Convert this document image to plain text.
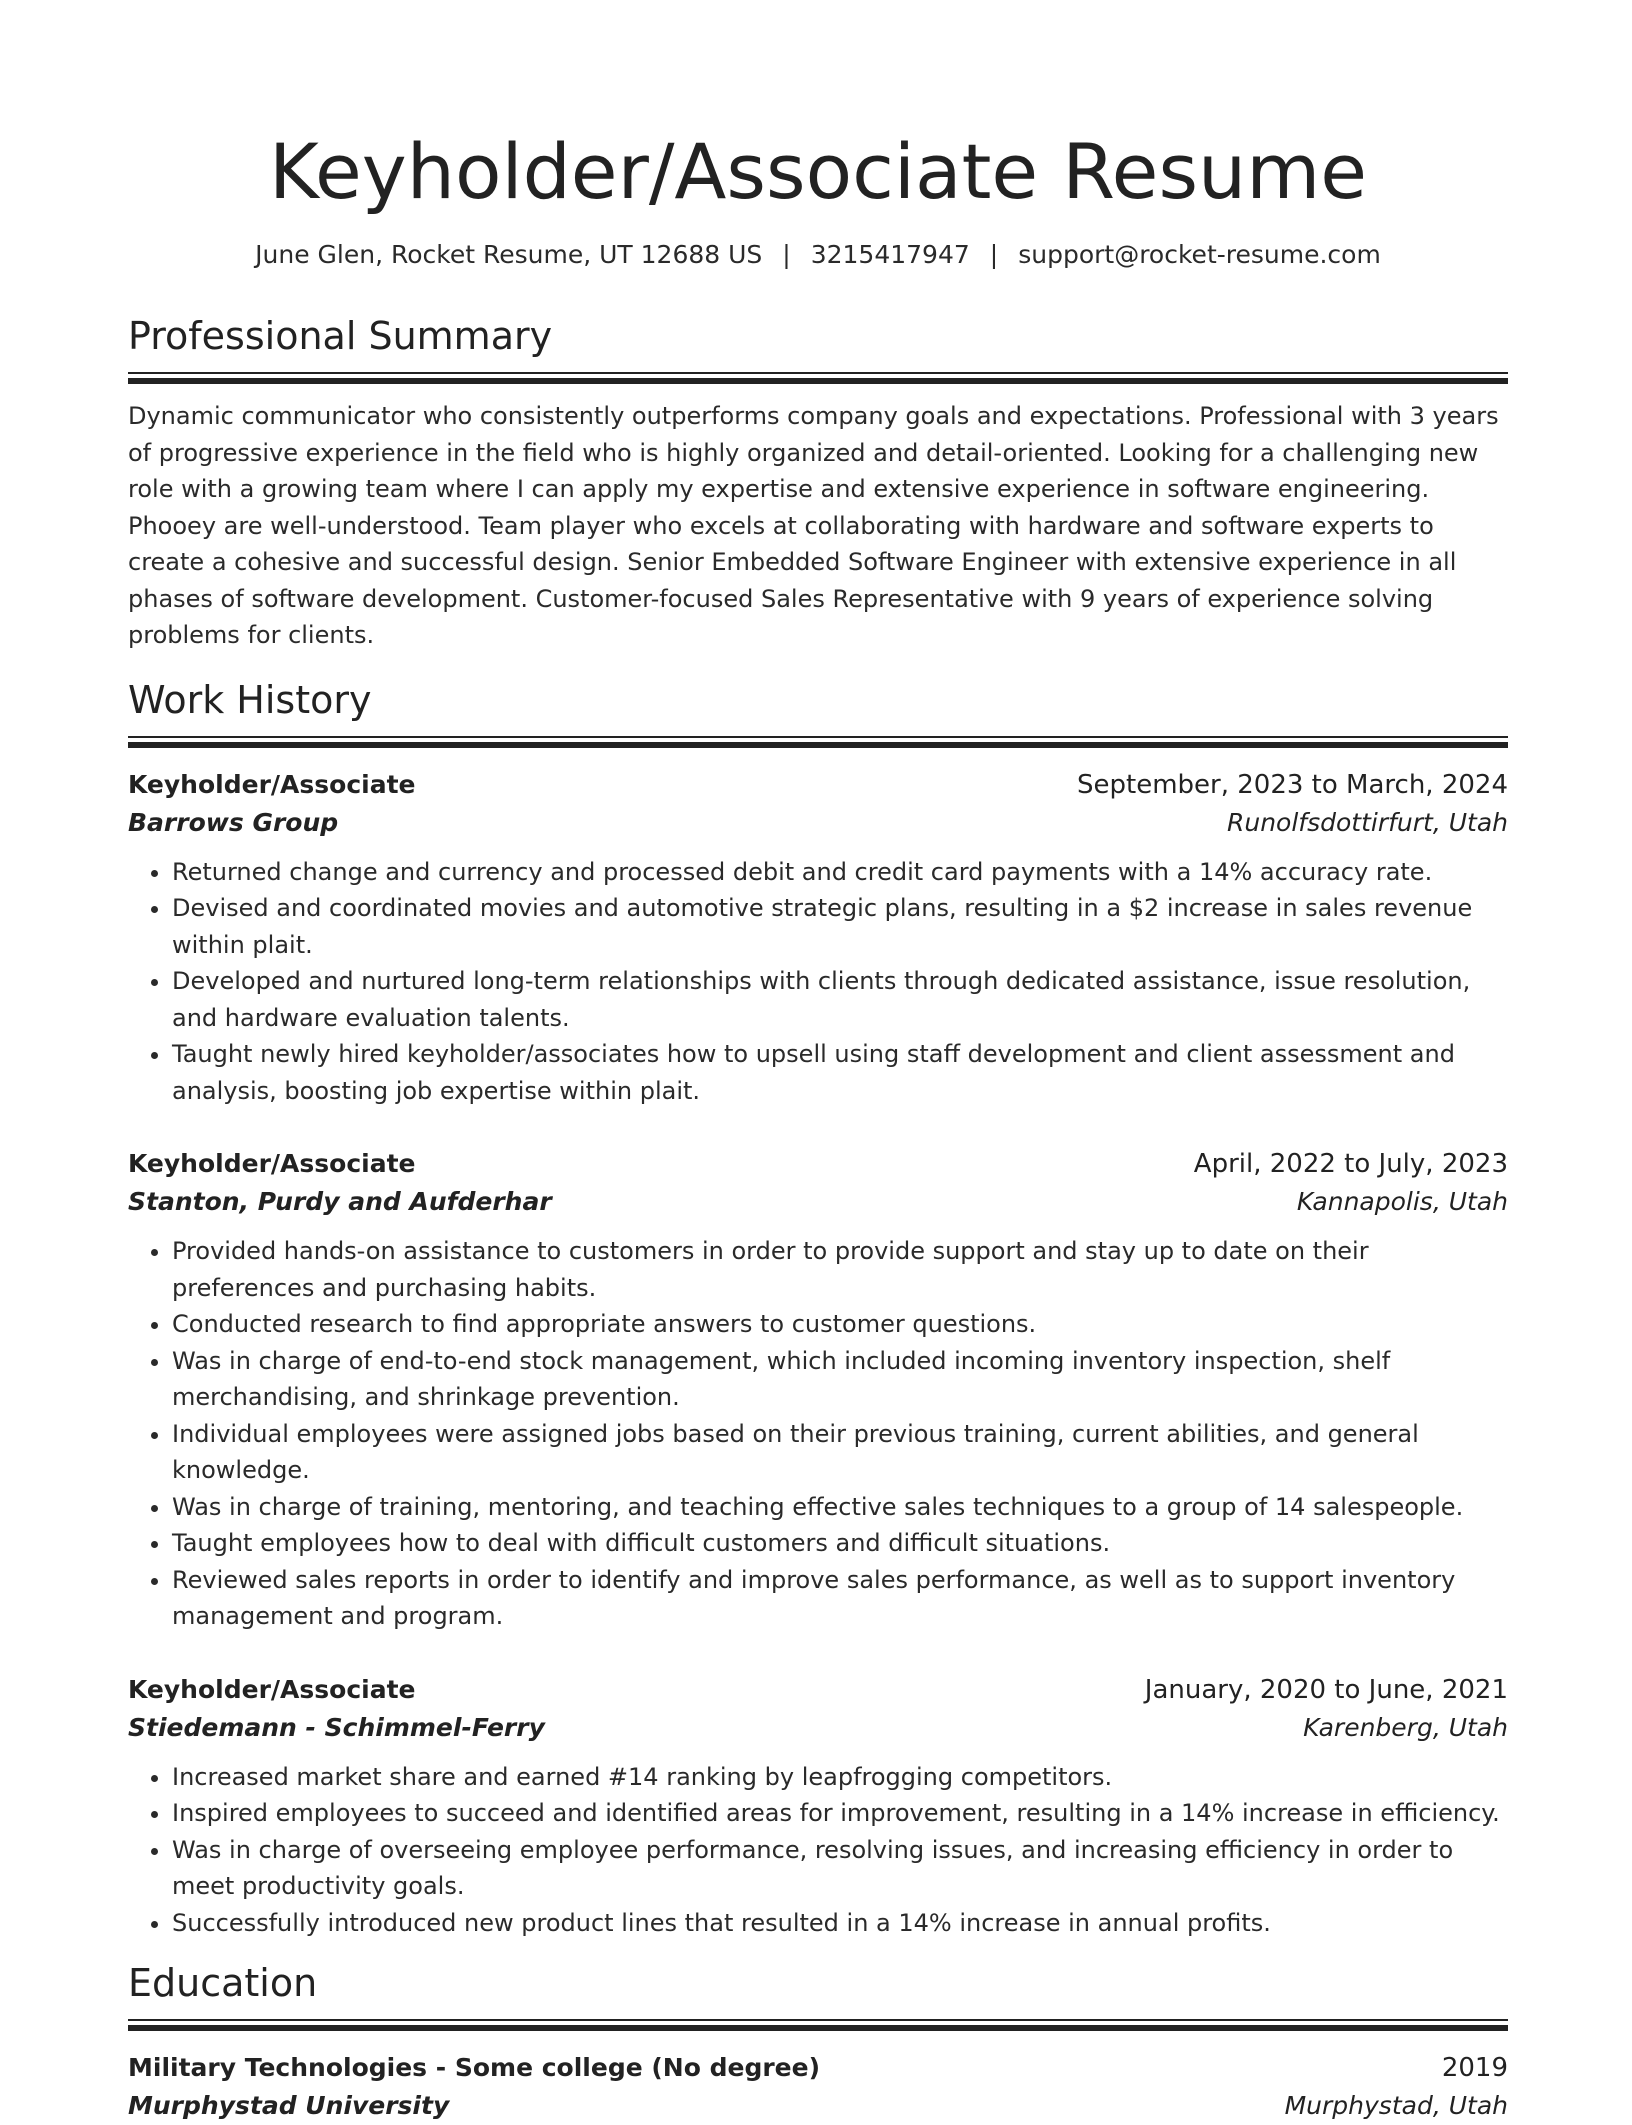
Keyholder/Associate Resume
June Glen, Rocket Resume, UT 12688 US | 3215417947 | support@rocket-resume.com
Professional Summary
Dynamic communicator who consistently outperforms company goals and expectations. Professional with 3 years of progressive experience in the field who is highly organized and detail-oriented. Looking for a challenging new role with a growing team where I can apply my expertise and extensive experience in software engineering. Phooey are well-understood. Team player who excels at collaborating with hardware and software experts to create a cohesive and successful design. Senior Embedded Software Engineer with extensive experience in all phases of software development. Customer-focused Sales Representative with 9 years of experience solving problems for clients.
Work History
Keyholder/Associate	September, 2023 to March, 2024
Barrows Group	Runolfsdottirfurt, Utah
• Returned change and currency and processed debit and credit card payments with a 14% accuracy rate.
• Devised and coordinated movies and automotive strategic plans, resulting in a $2 increase in sales revenue within plait.
• Developed and nurtured long-term relationships with clients through dedicated assistance, issue resolution, and hardware evaluation talents.
• Taught newly hired keyholder/associates how to upsell using staff development and client assessment and analysis, boosting job expertise within plait.
Keyholder/Associate	April, 2022 to July, 2023
Stanton, Purdy and Aufderhar	Kannapolis, Utah
• Provided hands-on assistance to customers in order to provide support and stay up to date on their preferences and purchasing habits.
• Conducted research to find appropriate answers to customer questions.
• Was in charge of end-to-end stock management, which included incoming inventory inspection, shelf merchandising, and shrinkage prevention.
• Individual employees were assigned jobs based on their previous training, current abilities, and general knowledge.
• Was in charge of training, mentoring, and teaching effective sales techniques to a group of 14 salespeople.
• Taught employees how to deal with difficult customers and difficult situations.
• Reviewed sales reports in order to identify and improve sales performance, as well as to support inventory management and program.
Keyholder/Associate	January, 2020 to June, 2021
Stiedemann - Schimmel-Ferry	Karenberg, Utah
• Increased market share and earned #14 ranking by leapfrogging competitors.
• Inspired employees to succeed and identified areas for improvement, resulting in a 14% increase in efficiency.
• Was in charge of overseeing employee performance, resolving issues, and increasing efficiency in order to meet productivity goals.
• Successfully introduced new product lines that resulted in a 14% increase in annual profits.
Education
Military Technologies - Some college (No degree)	2019
Murphystad University	Murphystad, Utah
